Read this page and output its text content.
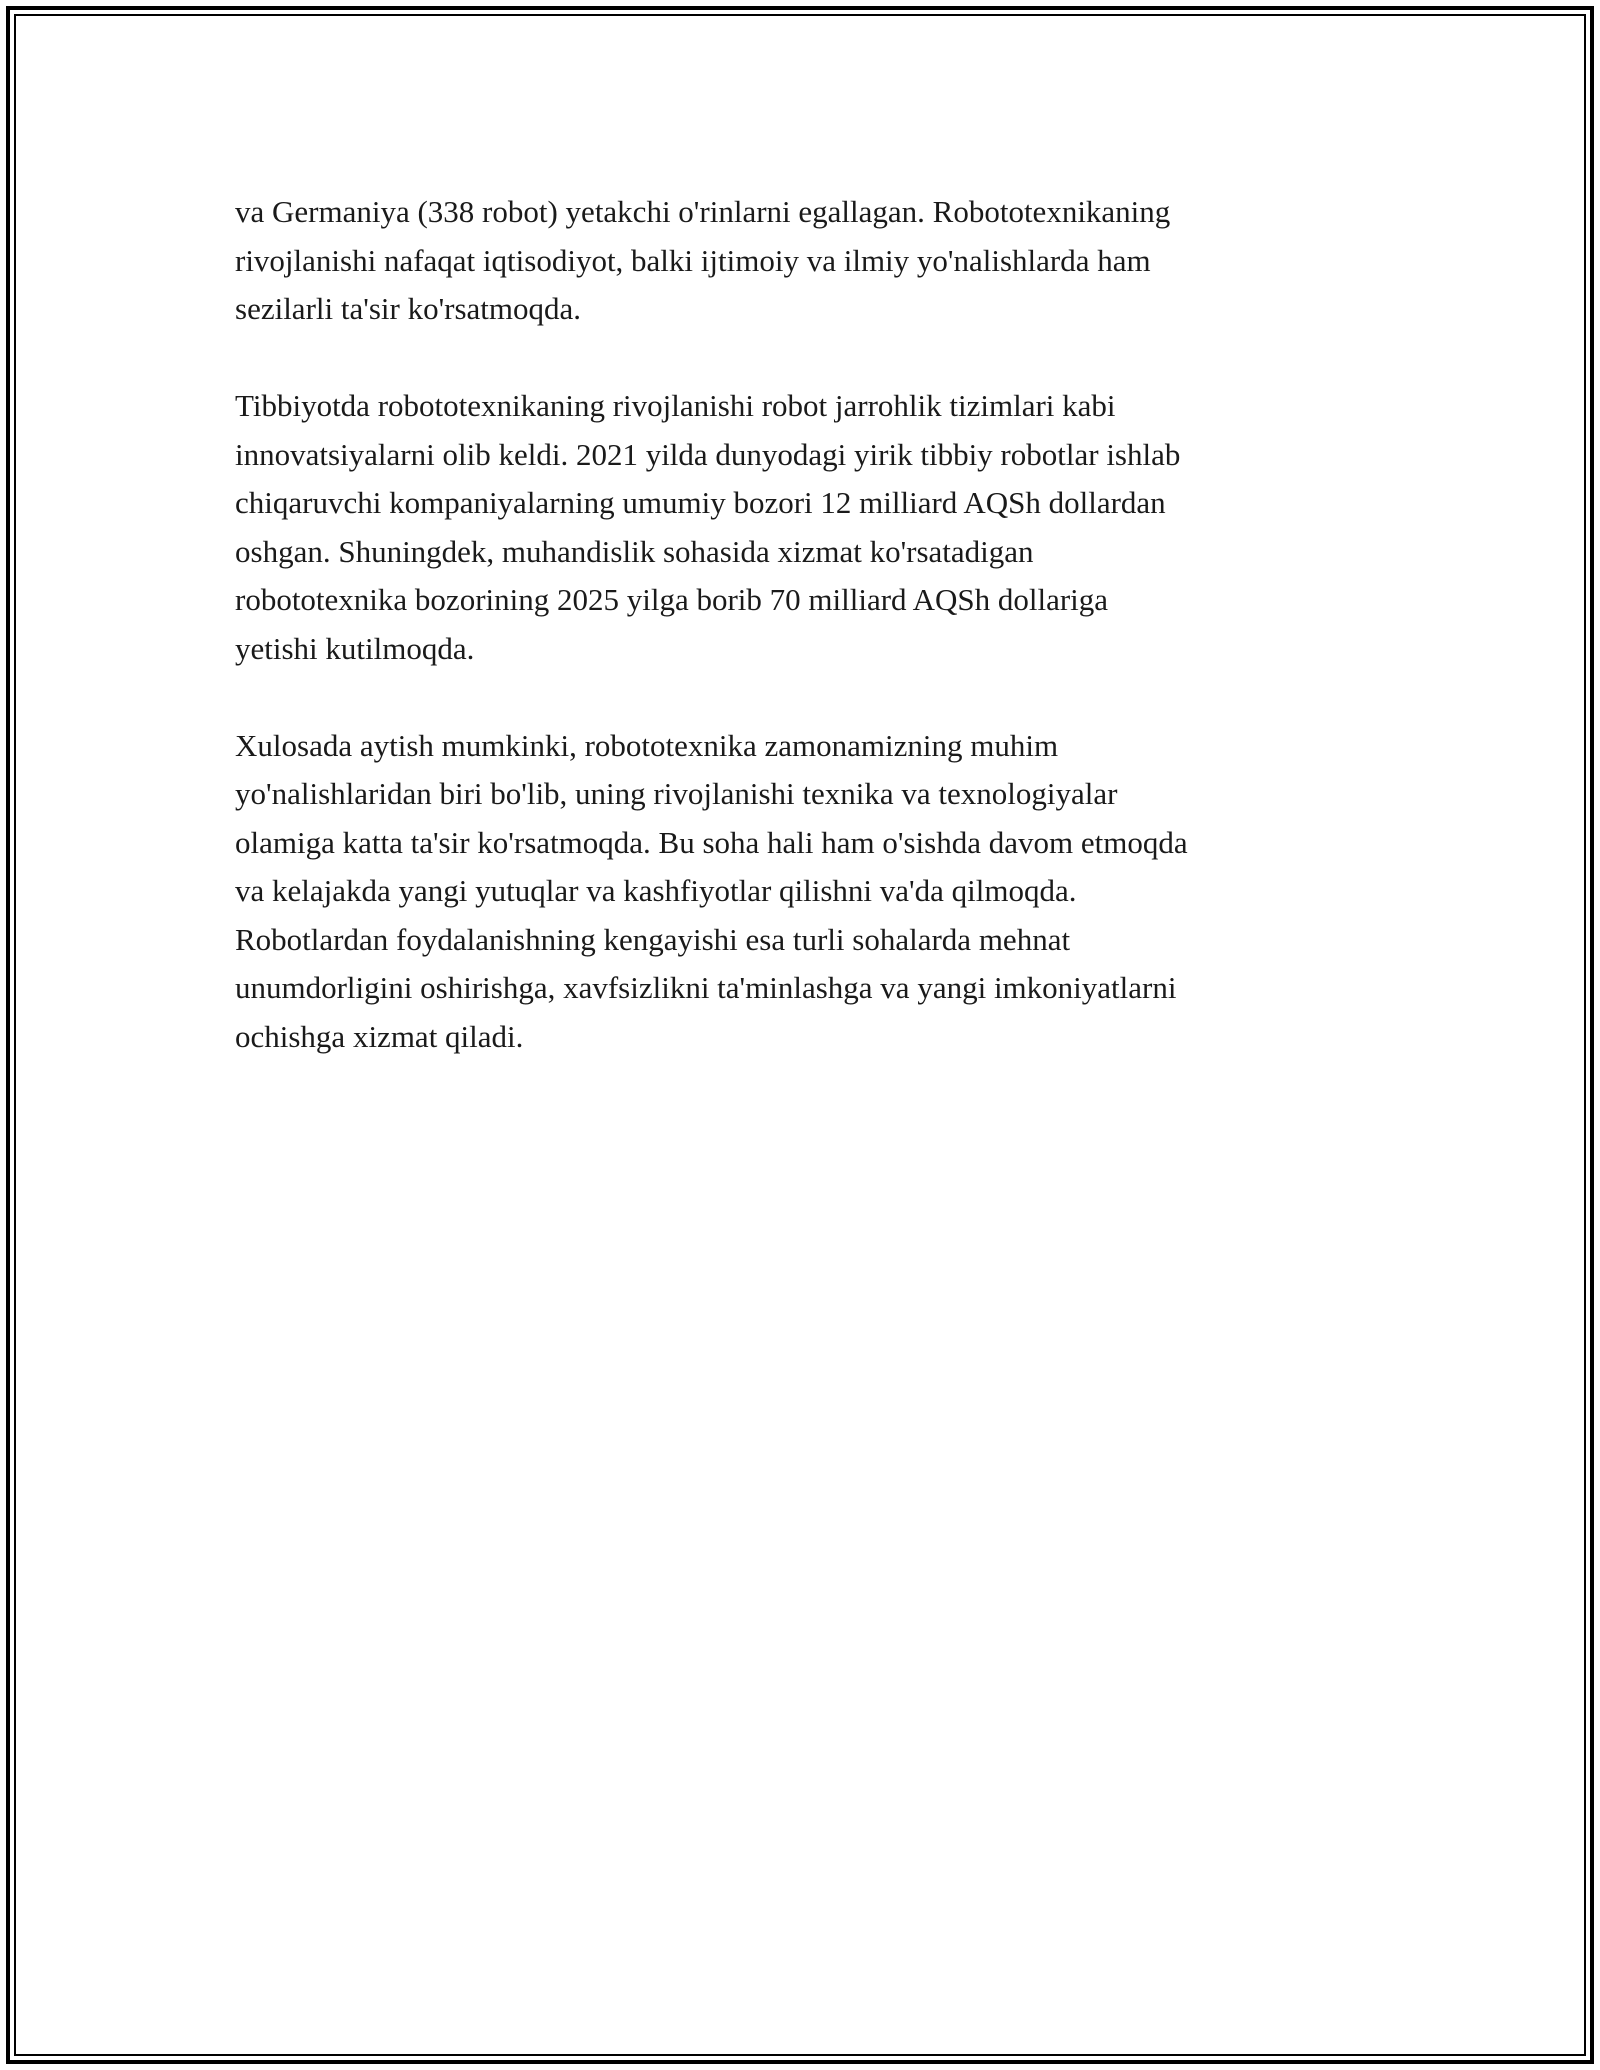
va Germaniya (338 robot) yetakchi o'rinlarni egallagan. Robototexnikaning
rivojlanishi nafaqat iqtisodiyot, balki ijtimoiy va ilmiy yo'nalishlarda ham
sezilarli ta'sir ko'rsatmoqda.

Tibbiyotda robototexnikaning rivojlanishi robot jarrohlik tizimlari kabi
innovatsiyalarni olib keldi. 2021 yilda dunyodagi yirik tibbiy robotlar ishlab
chiqaruvchi kompaniyalarning umumiy bozori 12 milliard AQSh dollardan
oshgan. Shuningdek, muhandislik sohasida xizmat ko'rsatadigan
robototexnika bozorining 2025 yilga borib 70 milliard AQSh dollariga
yetishi kutilmoqda.

Xulosada aytish mumkinki, robototexnika zamonamizning muhim
yo'nalishlaridan biri bo'lib, uning rivojlanishi texnika va texnologiyalar
olamiga katta ta'sir ko'rsatmoqda. Bu soha hali ham o'sishda davom etmoqda
va kelajakda yangi yutuqlar va kashfiyotlar qilishni va'da qilmoqda.
Robotlardan foydalanishning kengayishi esa turli sohalarda mehnat
unumdorligini oshirishga, xavfsizlikni ta'minlashga va yangi imkoniyatlarni
ochishga xizmat qiladi.
